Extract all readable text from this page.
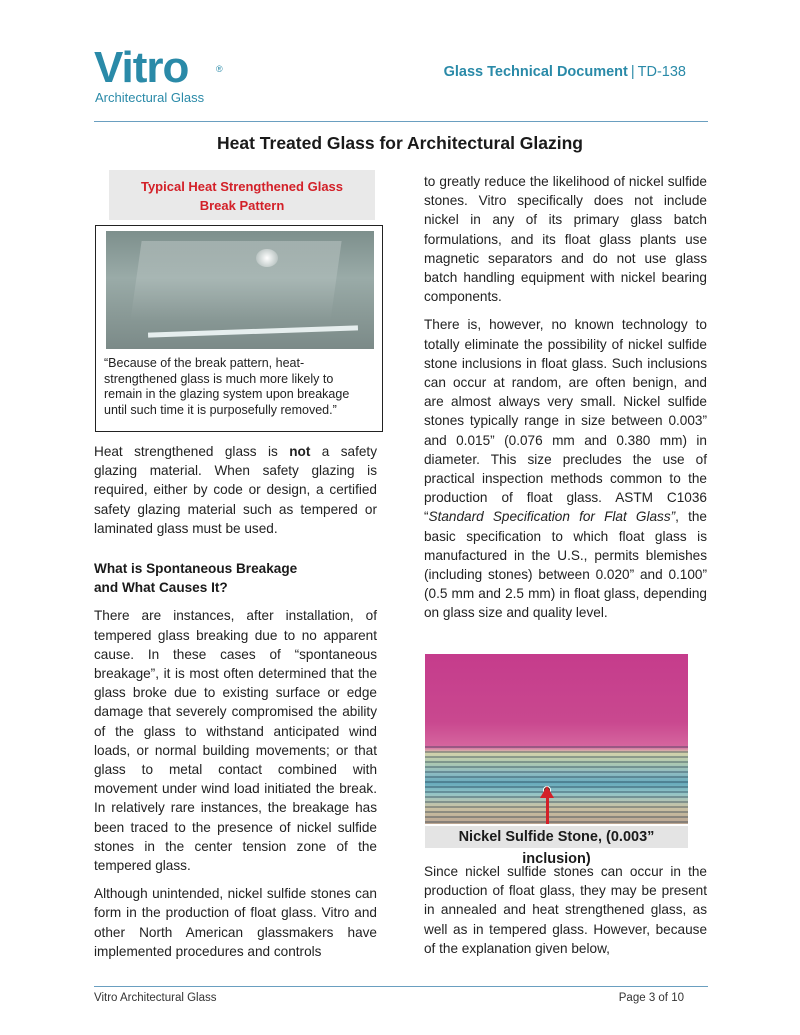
Vitro	®
Architectural Glass
Glass Technical Document | TD-138
Heat Treated Glass for Architectural Glazing
Typical Heat Strengthened Glass
Break Pattern
“Because of the break pattern, heat-strengthened glass is much more likely to remain in the glazing system upon breakage until such time it is purposefully removed.”

Heat strengthened glass is not a safety glazing material. When safety glazing is required, either by code or design, a certified safety glazing material such as tempered or laminated glass must be used.

What is Spontaneous Breakage
and What Causes It?

There are instances, after installation, of tempered glass breaking due to no apparent cause. In these cases of “spontaneous breakage”, it is most often determined that the glass broke due to existing surface or edge damage that severely compromised the ability of the glass to withstand anticipated wind loads, or normal building movements; or that glass to metal contact combined with movement under wind load initiated the break. In relatively rare instances, the breakage has been traced to the presence of nickel sulfide stones in the center tension zone of the tempered glass.

Although unintended, nickel sulfide stones can form in the production of float glass. Vitro and other North American glassmakers have implemented procedures and controls

to greatly reduce the likelihood of nickel sulfide stones. Vitro specifically does not include nickel in any of its primary glass batch formulations, and its float glass plants use magnetic separators and do not use glass batch handling equipment with nickel bearing components.

There is, however, no known technology to totally eliminate the possibility of nickel sulfide stone inclusions in float glass. Such inclusions can occur at random, are often benign, and are almost always very small. Nickel sulfide stones typically range in size between 0.003” and 0.015” (0.076 mm and 0.380 mm) in diameter. This size precludes the use of practical inspection methods common to the production of float glass. ASTM C1036 “Standard Specification for Flat Glass”, the basic specification to which float glass is manufactured in the U.S., permits blemishes (including stones) between 0.020” and 0.100” (0.5 mm and 2.5 mm) in float glass, depending on glass size and quality level.

Nickel Sulfide Stone, (0.003” inclusion)

Since nickel sulfide stones can occur in the production of float glass, they may be present in annealed and heat strengthened glass, as well as in tempered glass. However, because of the explanation given below,

Vitro Architectural Glass	Page 3 of 10
